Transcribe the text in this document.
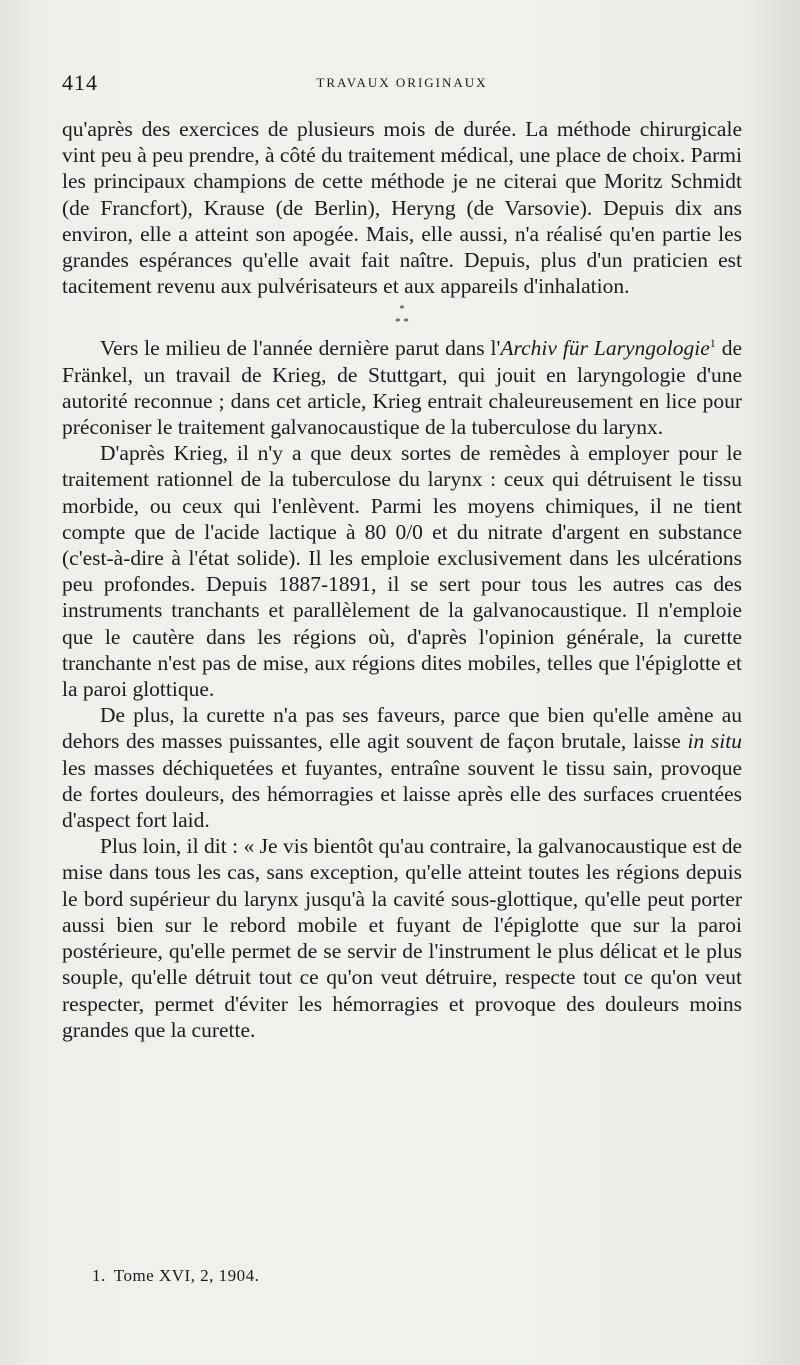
414	TRAVAUX ORIGINAUX

qu'après des exercices de plusieurs mois de durée. La méthode chirurgicale vint peu à peu prendre, à côté du traitement médical, une place de choix. Parmi les principaux champions de cette méthode je ne citerai que Moritz Schmidt (de Francfort), Krause (de Berlin), Heryng (de Varsovie). Depuis dix ans environ, elle a atteint son apogée. Mais, elle aussi, n'a réalisé qu'en partie les grandes espérances qu'elle avait fait naître. Depuis, plus d'un praticien est tacitement revenu aux pulvérisateurs et aux appareils d'inhalation.

*
* *

Vers le milieu de l'année dernière parut dans l'Archiv für Laryngologie$^1$ de Fränkel, un travail de Krieg, de Stuttgart, qui jouit en laryngologie d'une autorité reconnue ; dans cet article, Krieg entrait chaleureusement en lice pour préconiser le traitement galvanocaustique de la tuberculose du larynx.

D'après Krieg, il n'y a que deux sortes de remèdes à employer pour le traitement rationnel de la tuberculose du larynx : ceux qui détruisent le tissu morbide, ou ceux qui l'enlèvent. Parmi les moyens chimiques, il ne tient compte que de l'acide lactique à 80 0/0 et du nitrate d'argent en substance (c'est-à-dire à l'état solide). Il les emploie exclusivement dans les ulcérations peu profondes. Depuis 1887-1891, il se sert pour tous les autres cas des instruments tranchants et parallèlement de la galvanocaustique. Il n'emploie que le cautère dans les régions où, d'après l'opinion générale, la curette tranchante n'est pas de mise, aux régions dites mobiles, telles que l'épiglotte et la paroi glottique.

De plus, la curette n'a pas ses faveurs, parce que bien qu'elle amène au dehors des masses puissantes, elle agit souvent de façon brutale, laisse in situ les masses déchiquetées et fuyantes, entraîne souvent le tissu sain, provoque de fortes douleurs, des hémorragies et laisse après elle des surfaces cruentées d'aspect fort laid.

Plus loin, il dit : « Je vis bientôt qu'au contraire, la galvanocaustique est de mise dans tous les cas, sans exception, qu'elle atteint toutes les régions depuis le bord supérieur du larynx jusqu'à la cavité sous-glottique, qu'elle peut porter aussi bien sur le rebord mobile et fuyant de l'épiglotte que sur la paroi postérieure, qu'elle permet de se servir de l'instrument le plus délicat et le plus souple, qu'elle détruit tout ce qu'on veut détruire, respecte tout ce qu'on veut respecter, permet d'éviter les hémorragies et provoque des douleurs moins grandes que la curette.

1. Tome XVI, 2, 1904.
